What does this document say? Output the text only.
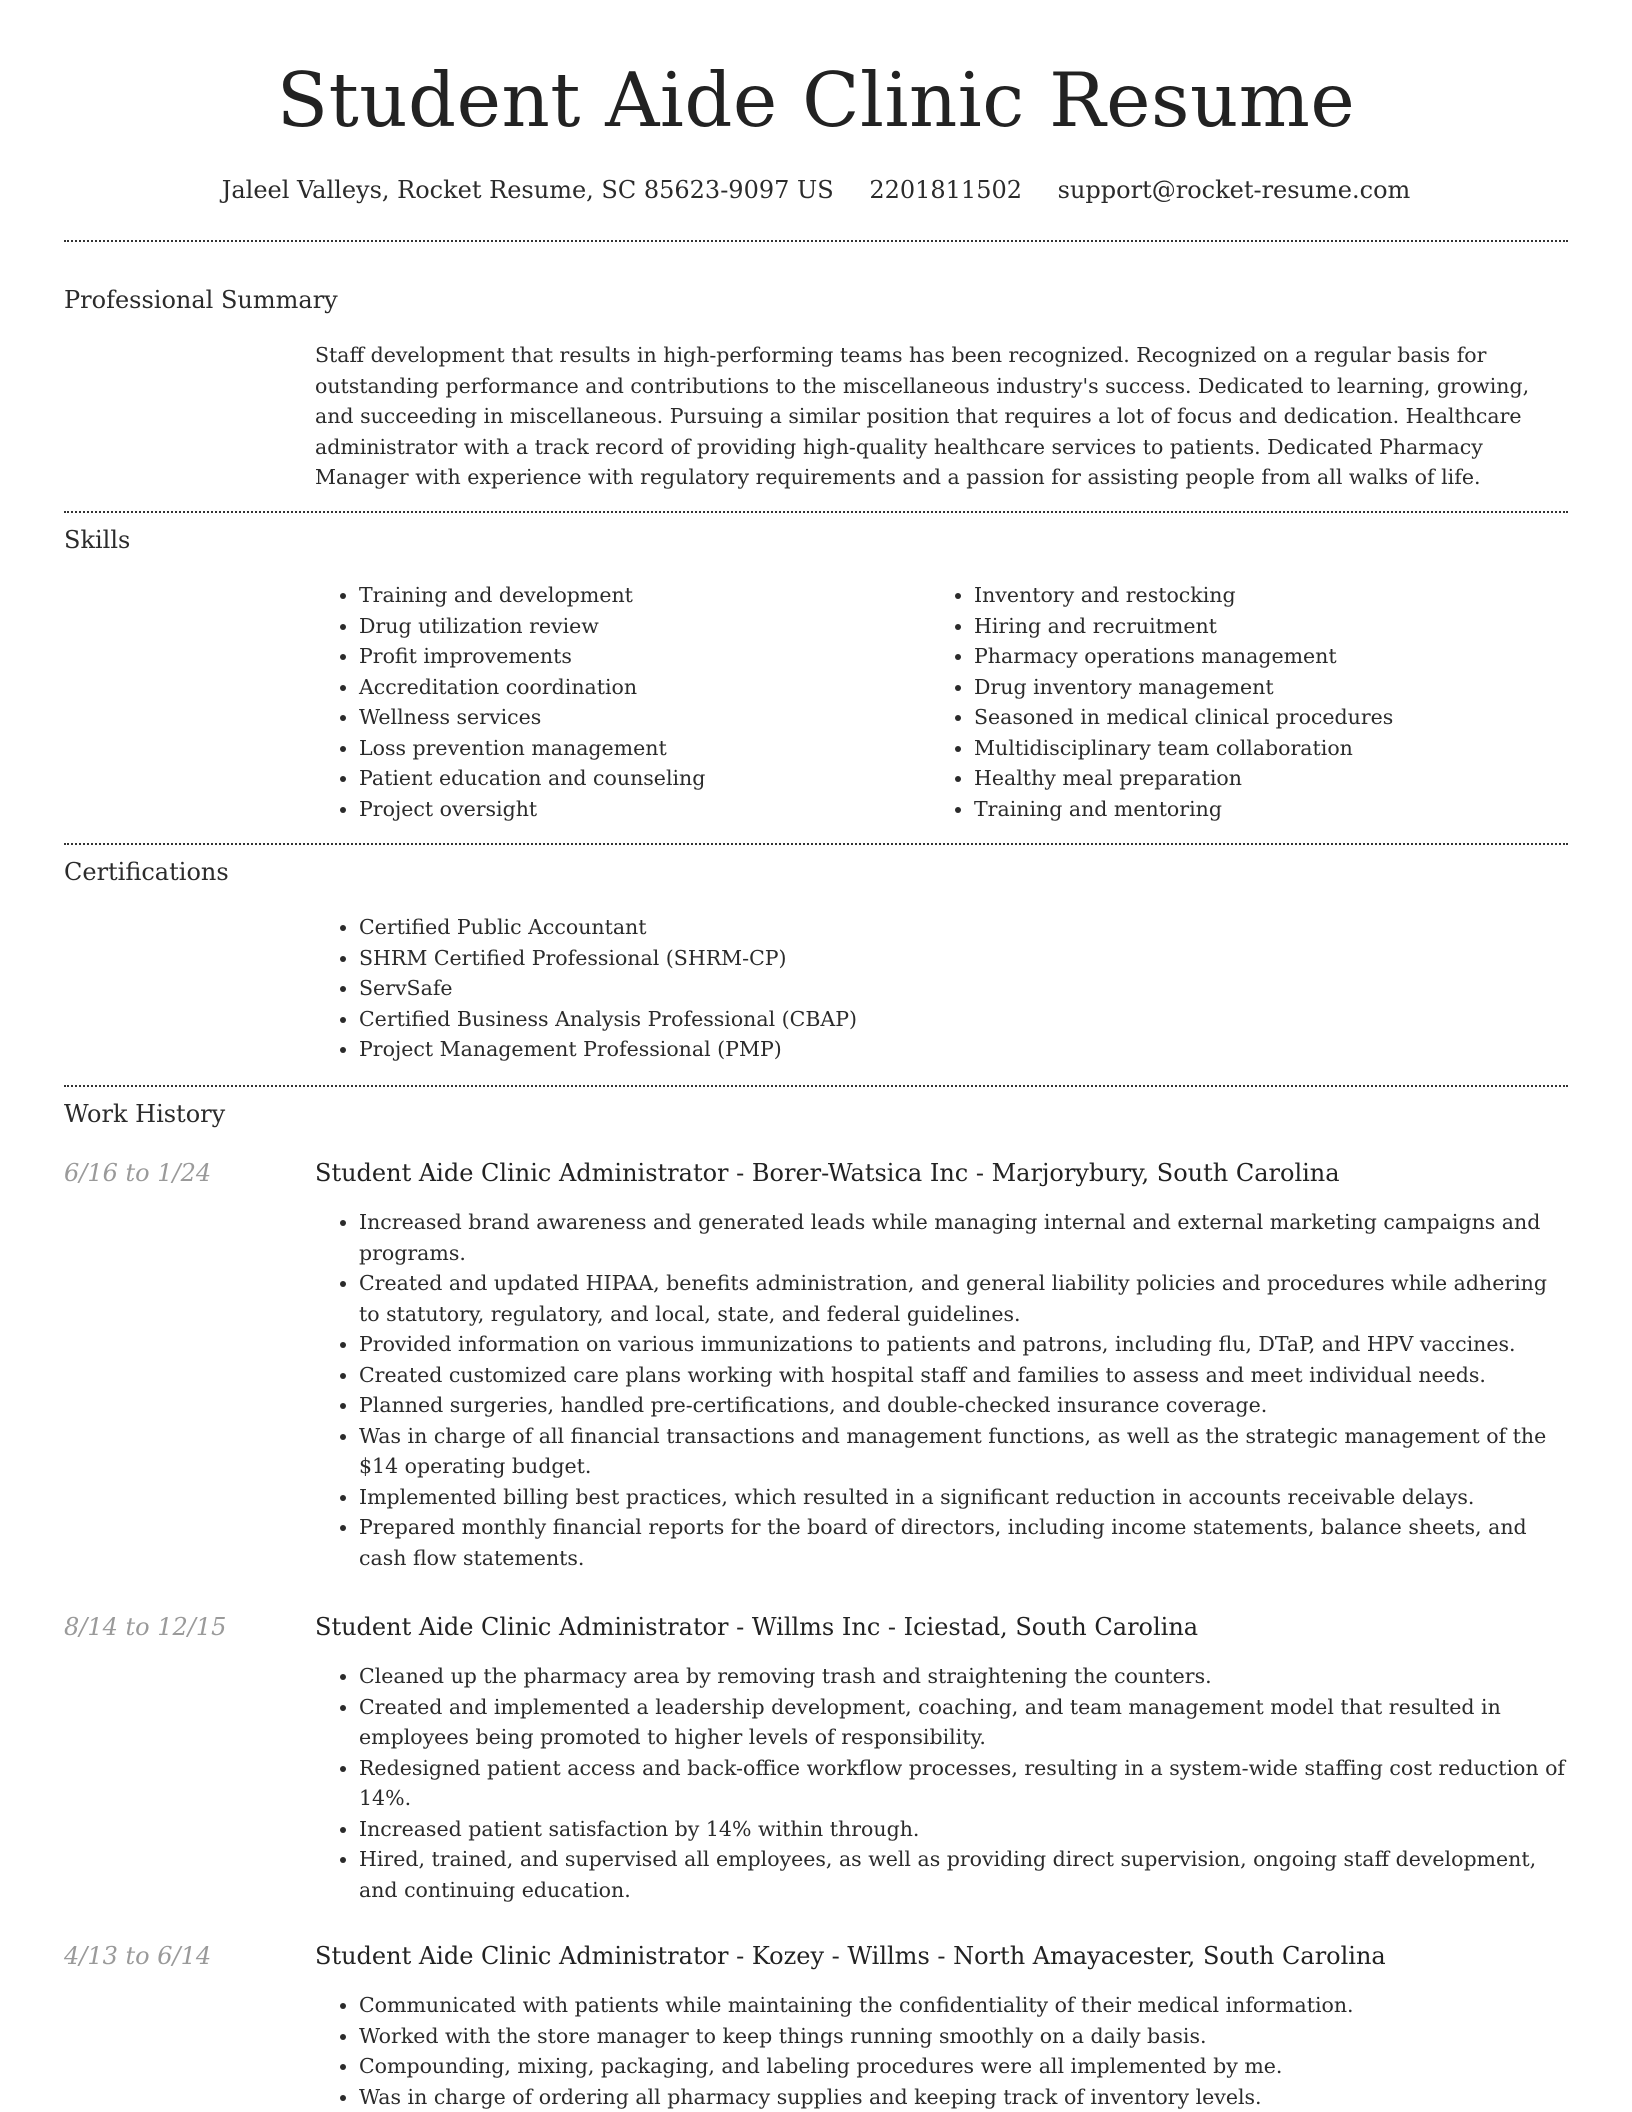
Student Aide Clinic Resume
Jaleel Valleys, Rocket Resume, SC 85623-9097 US 2201811502 support@rocket-resume.com
Professional Summary
Staff development that results in high-performing teams has been recognized. Recognized on a regular basis for outstanding performance and contributions to the miscellaneous industry's success. Dedicated to learning, growing, and succeeding in miscellaneous. Pursuing a similar position that requires a lot of focus and dedication. Healthcare administrator with a track record of providing high-quality healthcare services to patients. Dedicated Pharmacy Manager with experience with regulatory requirements and a passion for assisting people from all walks of life.
Skills
• Training and development
• Drug utilization review
• Profit improvements
• Accreditation coordination
• Wellness services
• Loss prevention management
• Patient education and counseling
• Project oversight
• Inventory and restocking
• Hiring and recruitment
• Pharmacy operations management
• Drug inventory management
• Seasoned in medical clinical procedures
• Multidisciplinary team collaboration
• Healthy meal preparation
• Training and mentoring
Certifications
• Certified Public Accountant
• SHRM Certified Professional (SHRM-CP)
• ServSafe
• Certified Business Analysis Professional (CBAP)
• Project Management Professional (PMP)
Work History
6/16 to 1/24	Student Aide Clinic Administrator - Borer-Watsica Inc - Marjorybury, South Carolina
• Increased brand awareness and generated leads while managing internal and external marketing campaigns and programs.
• Created and updated HIPAA, benefits administration, and general liability policies and procedures while adhering to statutory, regulatory, and local, state, and federal guidelines.
• Provided information on various immunizations to patients and patrons, including flu, DTaP, and HPV vaccines.
• Created customized care plans working with hospital staff and families to assess and meet individual needs.
• Planned surgeries, handled pre-certifications, and double-checked insurance coverage.
• Was in charge of all financial transactions and management functions, as well as the strategic management of the $14 operating budget.
• Implemented billing best practices, which resulted in a significant reduction in accounts receivable delays.
• Prepared monthly financial reports for the board of directors, including income statements, balance sheets, and cash flow statements.
8/14 to 12/15	Student Aide Clinic Administrator - Willms Inc - Iciestad, South Carolina
• Cleaned up the pharmacy area by removing trash and straightening the counters.
• Created and implemented a leadership development, coaching, and team management model that resulted in employees being promoted to higher levels of responsibility.
• Redesigned patient access and back-office workflow processes, resulting in a system-wide staffing cost reduction of 14%.
• Increased patient satisfaction by 14% within through.
• Hired, trained, and supervised all employees, as well as providing direct supervision, ongoing staff development, and continuing education.
4/13 to 6/14	Student Aide Clinic Administrator - Kozey - Willms - North Amayacester, South Carolina
• Communicated with patients while maintaining the confidentiality of their medical information.
• Worked with the store manager to keep things running smoothly on a daily basis.
• Compounding, mixing, packaging, and labeling procedures were all implemented by me.
• Was in charge of ordering all pharmacy supplies and keeping track of inventory levels.
